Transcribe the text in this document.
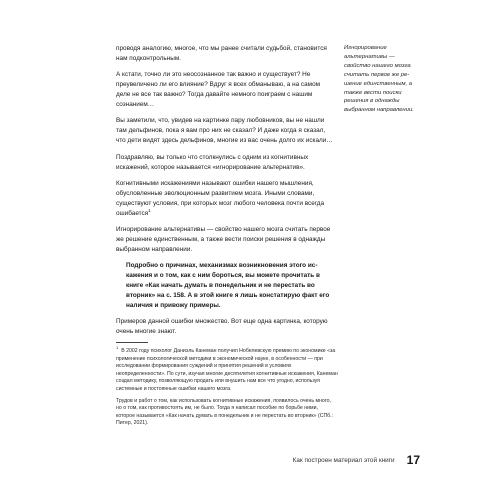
проводя аналогию, многое, что мы ранее считали судьбой, становится нам подконтрольным.

А кстати, точно ли это неосознанное так важно и существует? Не преувеличено ли его влияние? Вдруг я всех обманываю, а на самом деле не все так важно? Тогда давайте немного поиграем с нашим сознанием…

Вы заметили, что, увидев на картинке пару любовников, вы не нашли там дельфинов, пока я вам про них не сказал? И даже когда я сказал, что дети видят здесь дельфинов, многие из вас очень долго их искали…

Поздравляю, вы только что столкнулись с одним из когнитивных искажений, которое называется «игнорирование альтернатив».

Когнитивными искажениями называют ошибки нашего мышления, обусловленные эволюционным развитием мозга. Иными словами, существуют условия, при которых мозг любого человека почти всегда ошибается$^1$

Игнорирование альтернативы — свойство нашего мозга считать первое же решение единственным, а также вести поиски решения в однажды выбранном направлении.

Подробно о причинах, механизмах возникновения этого искажения и о том, как с ним бороться, вы можете прочитать в книге «Как начать думать в понедельник и не перестать во вторник» на с. 158. А в этой книге я лишь констатирую факт его наличия и привожу примеры.

Примеров данной ошибки множество. Вот еще одна картинка, которую очень многие знают.

Игнорирование альтернативы — свойство нашего мозга считать первое же решение единственным, а также вести поиски решения в однажды выбранном направлении.

$^1$В 2002 году психолог Даниэль Канеман получил Нобелевскую премию по экономике «за применение психологической методики в экономической науке, в особенности — при исследовании формирования суждений и принятия решений в условиях неопределенности». По сути, изучая многие десятилетия когнитивные искажения, Канеман создал методику, позволяющую продать или внушить нам все что угодно, используя системные и постоянные ошибки нашего мозга.

Трудов и работ о том, как использовать когнитивные искажения, появилось очень много, но о том, как противостоять им, не было. Тогда я написал пособие по борьбе ними, которое называется «Как начать думать в понедельник и не перестать во вторник» (СПб.: Питер, 2021).

Как построен материал этой книги 17
